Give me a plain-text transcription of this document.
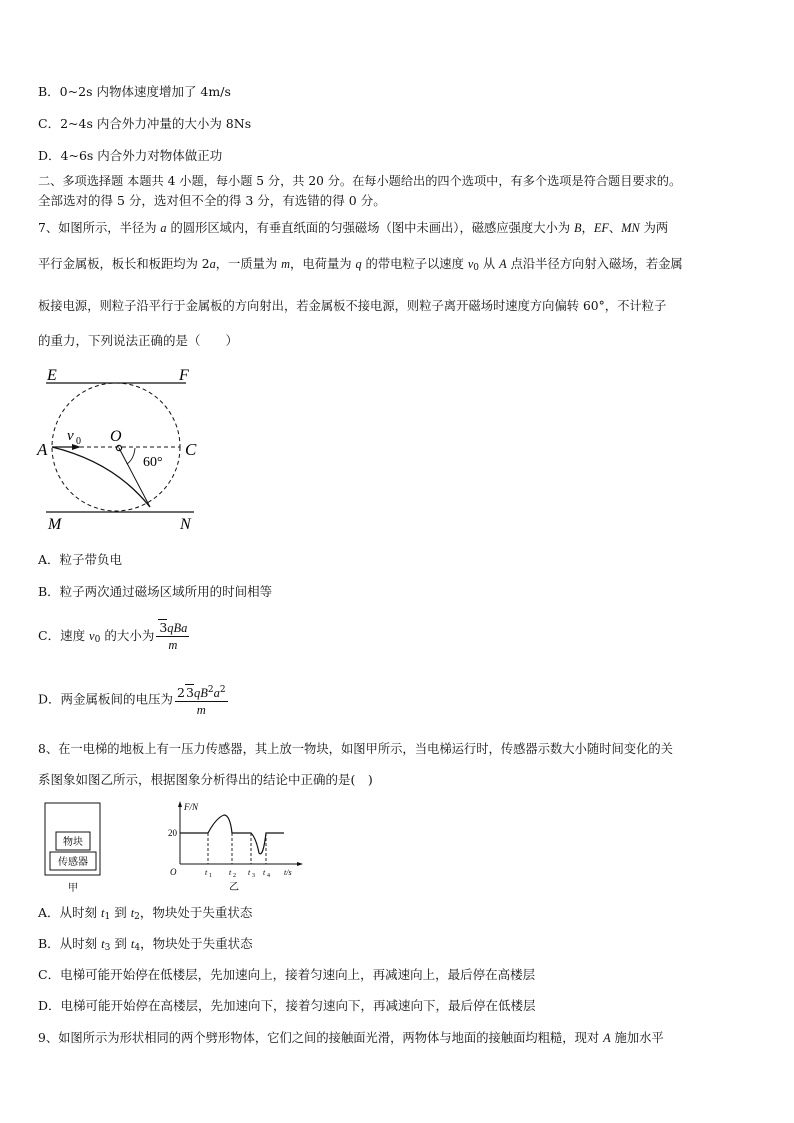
B．0~2s 内物体速度增加了 4m/s
C．2~4s 内合外力冲量的大小为 8Ns
D．4~6s 内合外力对物体做正功
二、多项选择题 本题共 4 小题，每小题 5 分，共 20 分。在每小题给出的四个选项中，有多个选项是符合题目要求的。
全部选对的得 5 分，选对但不全的得 3 分，有选错的得 0 分。
7、如图所示，半径为 a 的圆形区域内，有垂直纸面的匀强磁场（图中未画出），磁感应强度大小为 B，EF、MN 为两
平行金属板，板长和板距均为 2a，一质量为 m，电荷量为 q 的带电粒子以速度 $v_0$ 从 A 点沿半径方向射入磁场，若金属
板接电源，则粒子沿平行于金属板的方向射出，若金属板不接电源，则粒子离开磁场时速度方向偏转 60°，不计粒子
的重力，下列说法正确的是（　　）
E	F
A
O
C
v 0
60°
M	N
A．粒子带负电
B．粒子两次通过磁场区域所用的时间相等
C．速度 $v_0$ 的大小为 $\frac{\text{3qBa}}{m}$
D．两金属板间的电压为 $\frac{23qB^2a^2}{m}$
8、在一电梯的地板上有一压力传感器，其上放一物块，如图甲所示，当电梯运行时，传感器示数大小随时间变化的关
系图象如图乙所示，根据图象分析得出的结论中正确的是(　)
物块
传感器
甲
F/N
20
O	t 1 t 2 t 3 t 4 t/s
乙
A．从时刻 $t_1$ 到 $t_2$，物块处于失重状态
B．从时刻 $t_3$ 到 $t_4$，物块处于失重状态
C．电梯可能开始停在低楼层，先加速向上，接着匀速向上，再减速向上，最后停在高楼层
D．电梯可能开始停在高楼层，先加速向下，接着匀速向下，再减速向下，最后停在低楼层
9、如图所示为形状相同的两个劈形物体，它们之间的接触面光滑，两物体与地面的接触面均粗糙，现对 A 施加水平
